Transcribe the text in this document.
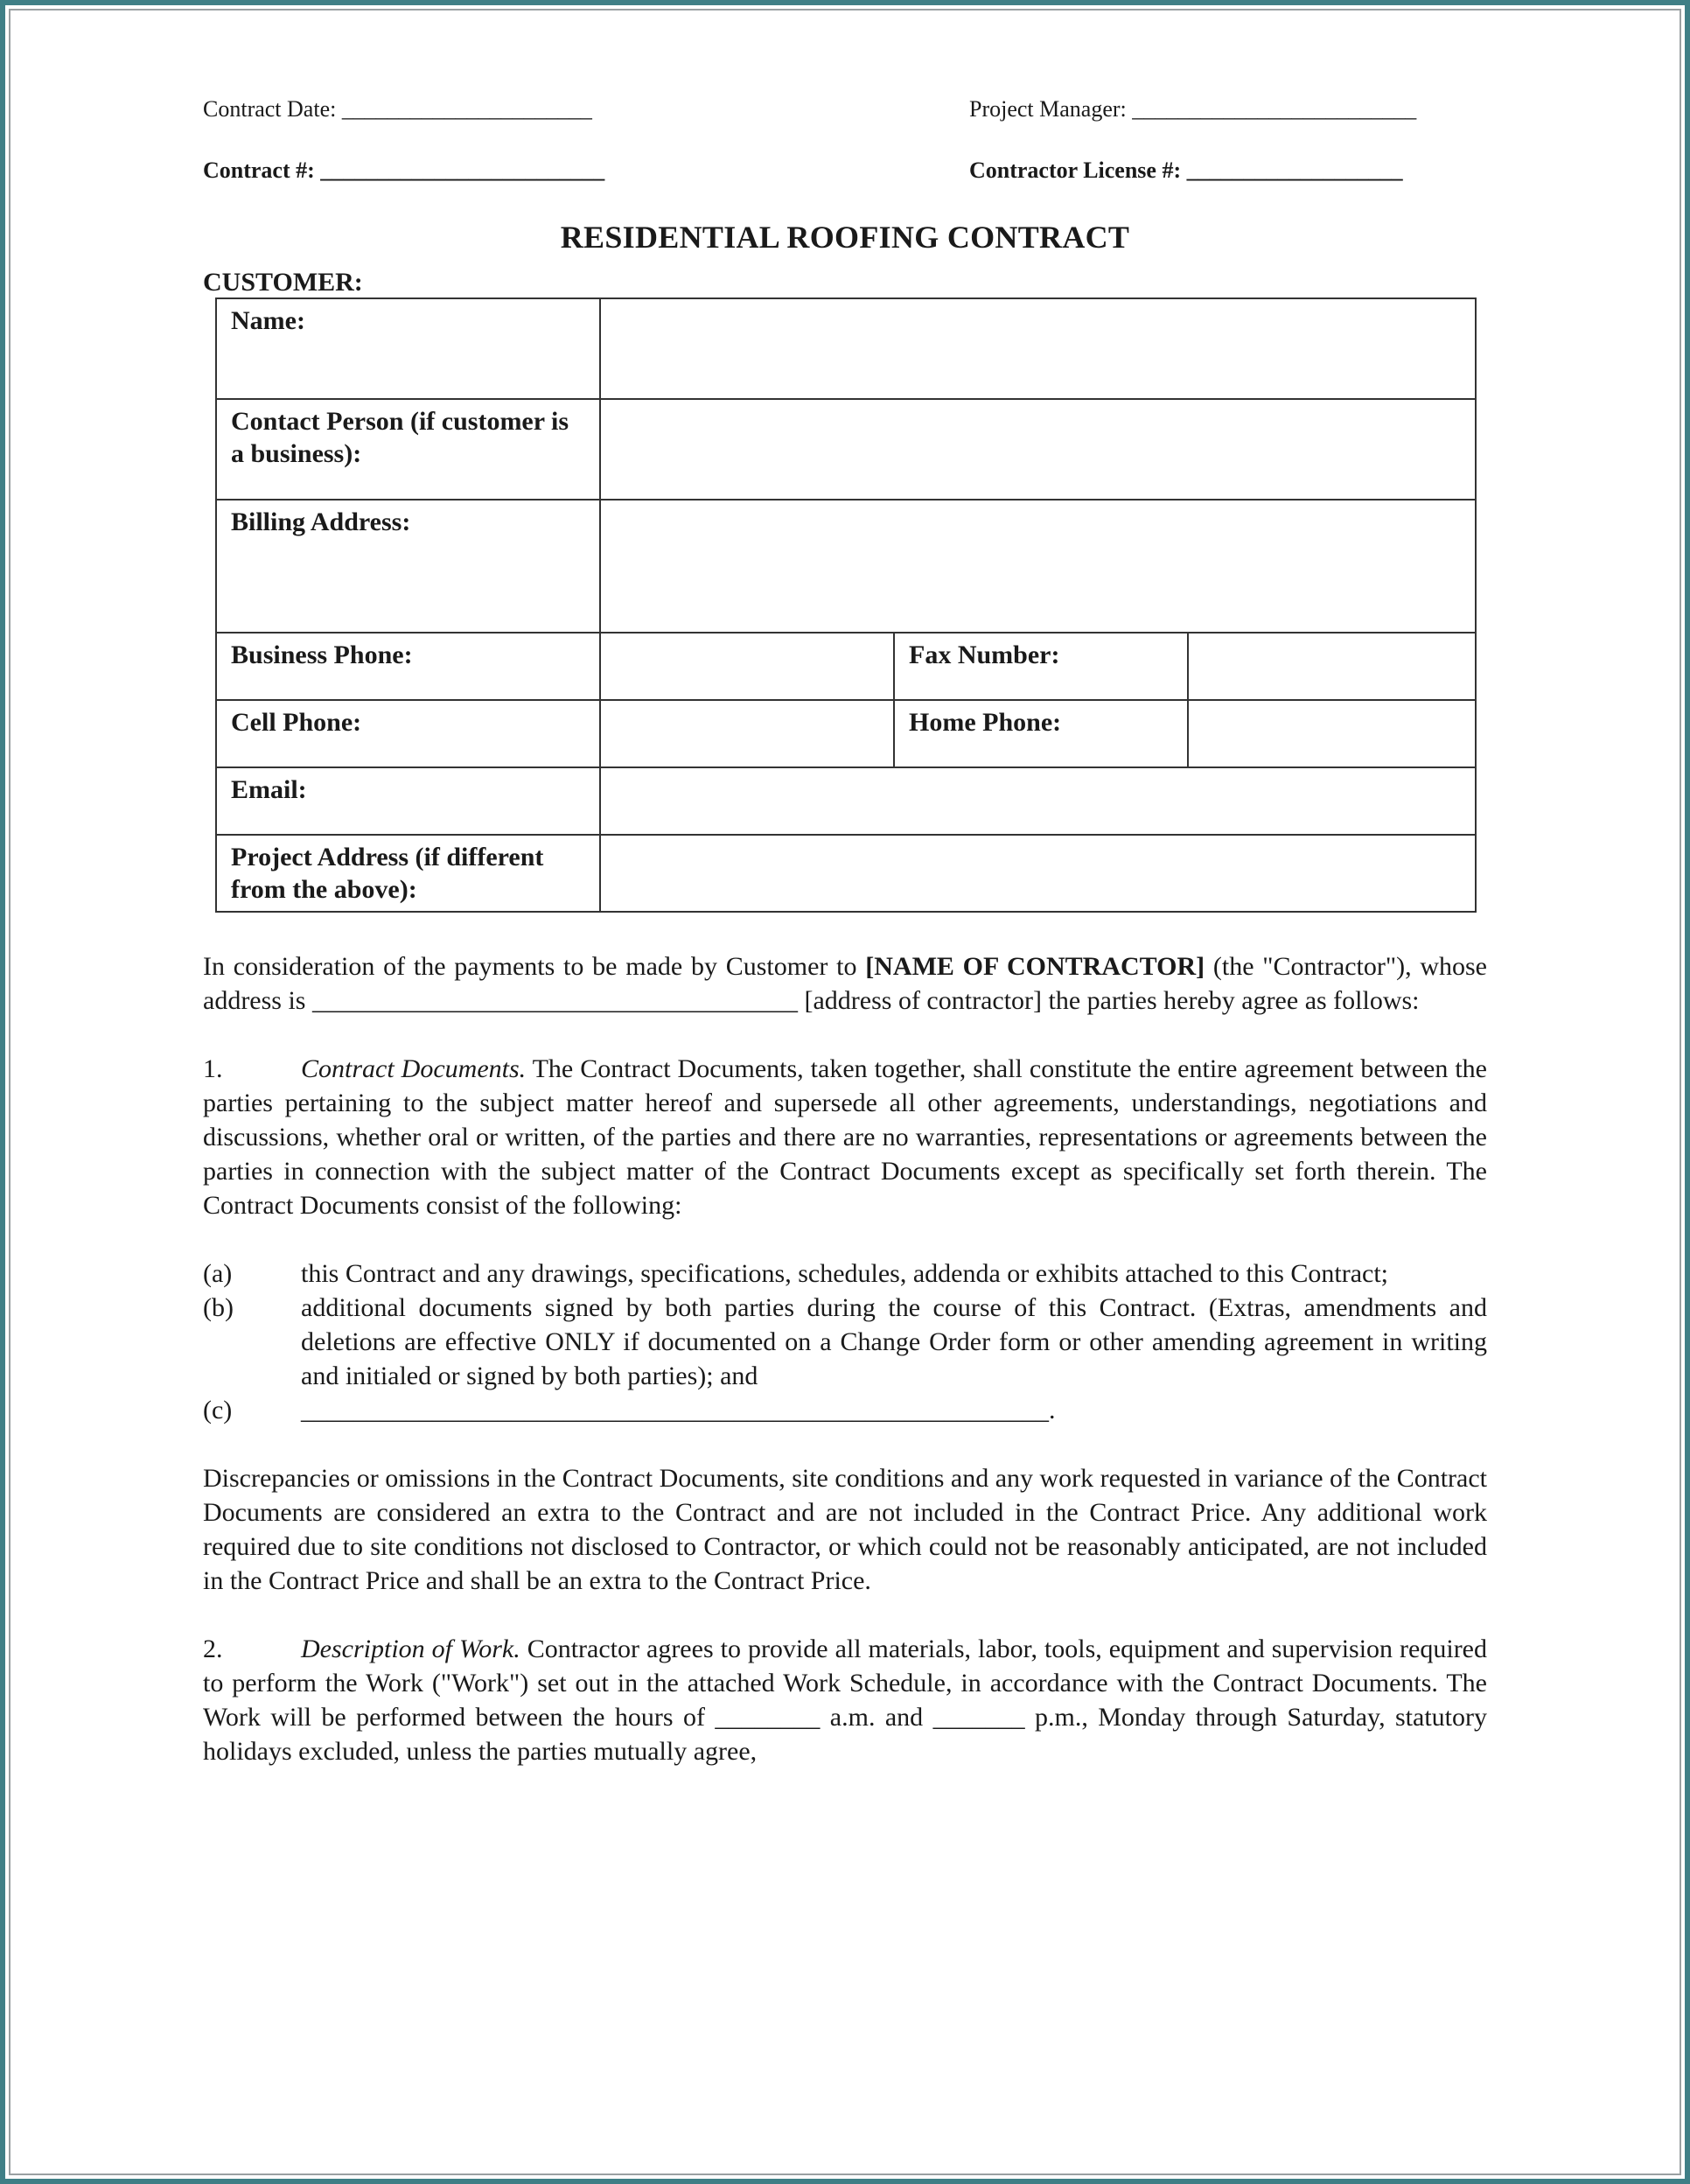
Contract Date: ______________________	Project Manager: _________________________
Contract #: _________________________	Contractor License #: ___________________
RESIDENTIAL ROOFING CONTRACT
CUSTOMER:
Name:			
Contact Person (if customer is a business):			
Billing Address:			
Business Phone:		Fax Number:	
Cell Phone:		Home Phone:	
Email:			
Project Address (if different from the above):			

In consideration of the payments to be made by Customer to [NAME OF CONTRACTOR] (the "Contractor"), whose address is _____________________________________ [address of contractor] the parties hereby agree as follows:

1.	Contract Documents. The Contract Documents, taken together, shall constitute the entire agreement between the parties pertaining to the subject matter hereof and supersede all other agreements, understandings, negotiations and discussions, whether oral or written, of the parties and there are no warranties, representations or agreements between the parties in connection with the subject matter of the Contract Documents except as specifically set forth therein. The Contract Documents consist of the following:

(a)	this Contract and any drawings, specifications, schedules, addenda or exhibits attached to this Contract;
(b)	additional documents signed by both parties during the course of this Contract. (Extras, amendments and deletions are effective ONLY if documented on a Change Order form or other amending agreement in writing and initialed or signed by both parties); and

(c)	_________________________________________________________.

Discrepancies or omissions in the Contract Documents, site conditions and any work requested in variance of the Contract Documents are considered an extra to the Contract and are not included in the Contract Price. Any additional work required due to site conditions not disclosed to Contractor, or which could not be reasonably anticipated, are not included in the Contract Price and shall be an extra to the Contract Price.

2.	Description of Work. Contractor agrees to provide all materials, labor, tools, equipment and supervision required to perform the Work ("Work") set out in the attached Work Schedule, in accordance with the Contract Documents. The Work will be performed between the hours of ________ a.m. and _______ p.m., Monday through Saturday, statutory holidays excluded, unless the parties mutually agree,
